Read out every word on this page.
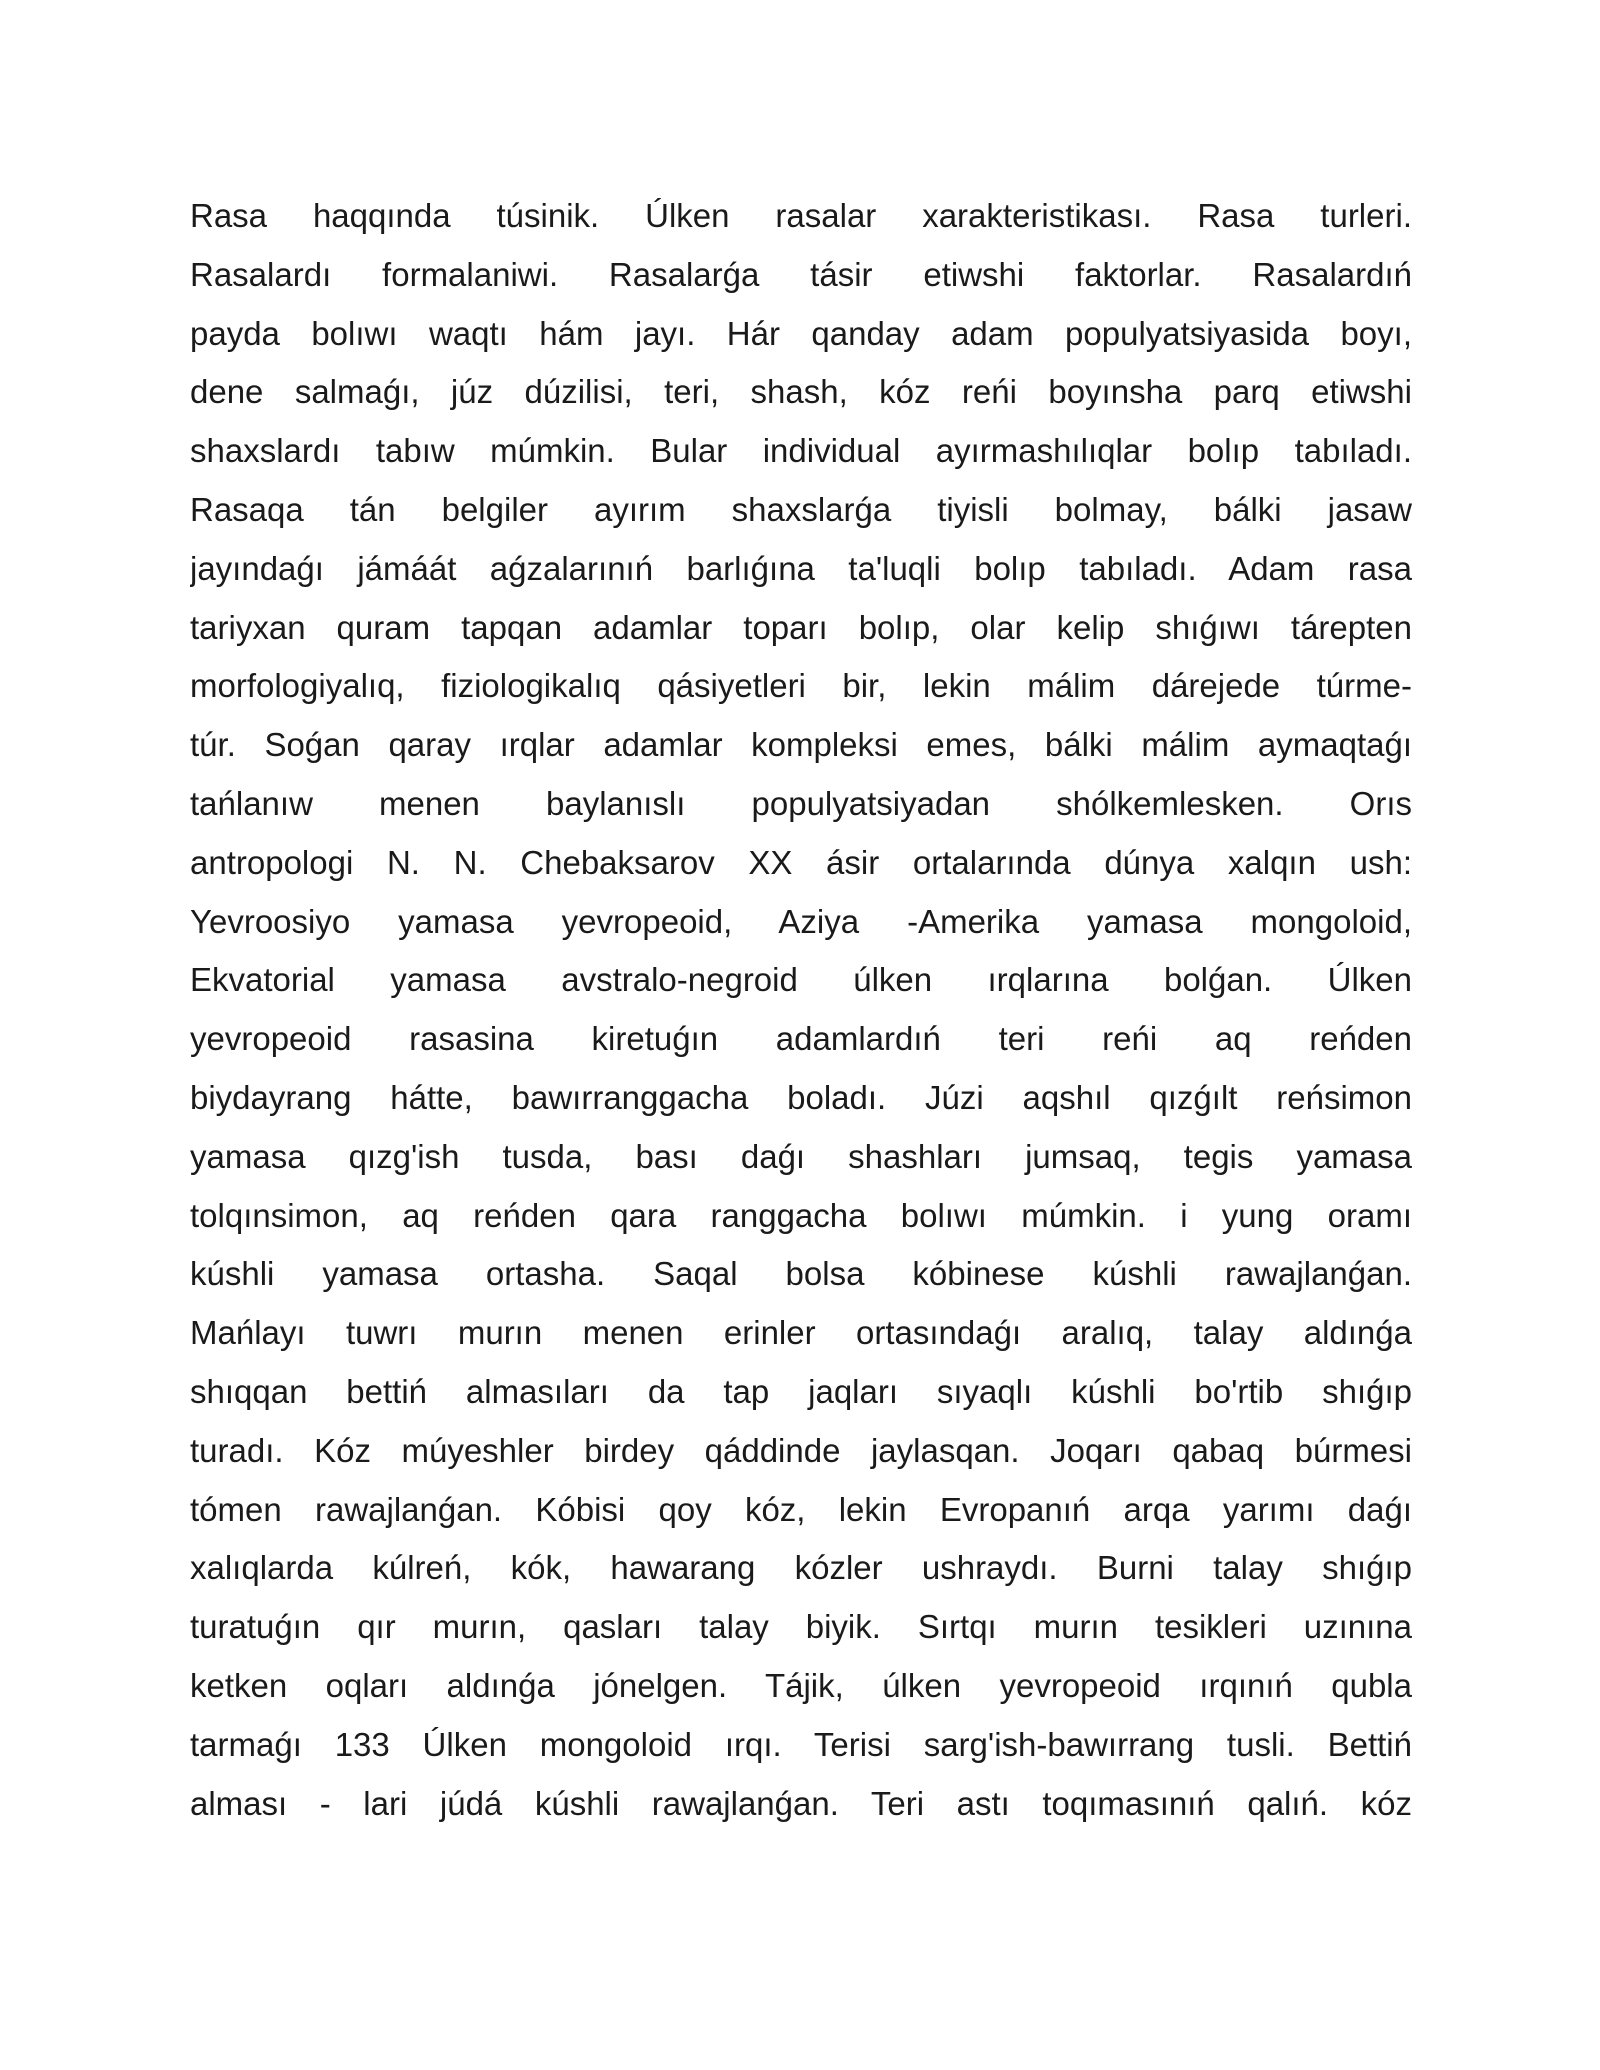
Rasa haqqında túsinik. Úlken rasalar xarakteristikası. Rasa turleri.
Rasalardı formalaniwi. Rasalarǵa tásir etiwshi faktorlar. Rasalardıń
payda bolıwı waqtı hám jayı. Hár qanday adam populyatsiyasida boyı,
dene salmaǵı, júz dúzilisi, teri, shash, kóz reńi boyınsha parq etiwshi
shaxslardı tabıw múmkin. Bular individual ayırmashılıqlar bolıp tabıladı.
Rasaqa tán belgiler ayırım shaxslarǵa tiyisli bolmay, bálki jasaw
jayındaǵı jámáát aǵzalarınıń barlıǵına ta'luqli bolıp tabıladı. Adam rasa
tariyxan quram tapqan adamlar toparı bolıp, olar kelip shıǵıwı tárepten
morfologiyalıq, fiziologikalıq qásiyetleri bir, lekin málim dárejede túrme-
túr. Soǵan qaray ırqlar adamlar kompleksi emes, bálki málim aymaqtaǵı
tańlanıw menen baylanıslı populyatsiyadan shólkemlesken. Orıs
antropologi N. N. Chebaksarov XX ásir ortalarında dúnya xalqın ush:
Yevroosiyo yamasa yevropeoid, Aziya -Amerika yamasa mongoloid,
Ekvatorial yamasa avstralo-negroid úlken ırqlarına bolǵan. Úlken
yevropeoid rasasina kiretuǵın adamlardıń teri reńi aq reńden
biydayrang hátte, bawırranggacha boladı. Júzi aqshıl qızǵılt reńsimon
yamasa qızg'ish tusda, bası daǵı shashları jumsaq, tegis yamasa
tolqınsimon, aq reńden qara ranggacha bolıwı múmkin. i yung oramı
kúshli yamasa ortasha. Saqal bolsa kóbinese kúshli rawajlanǵan.
Mańlayı tuwrı murın menen erinler ortasındaǵı aralıq, talay aldınǵa
shıqqan bettiń almasıları da tap jaqları sıyaqlı kúshli bo'rtib shıǵıp
turadı. Kóz múyeshler birdey qáddinde jaylasqan. Joqarı qabaq búrmesi
tómen rawajlanǵan. Kóbisi qoy kóz, lekin Evropanıń arqa yarımı daǵı
xalıqlarda kúlreń, kók, hawarang kózler ushraydı. Burni talay shıǵıp
turatuǵın qır murın, qasları talay biyik. Sırtqı murın tesikleri uzınına
ketken oqları aldınǵa jónelgen. Tájik, úlken yevropeoid ırqınıń qubla
tarmaǵı 133 Úlken mongoloid ırqı. Terisi sarg'ish-bawırrang tusli. Bettiń
alması - lari júdá kúshli rawajlanǵan. Teri astı toqımasınıń qalıń. kóz
